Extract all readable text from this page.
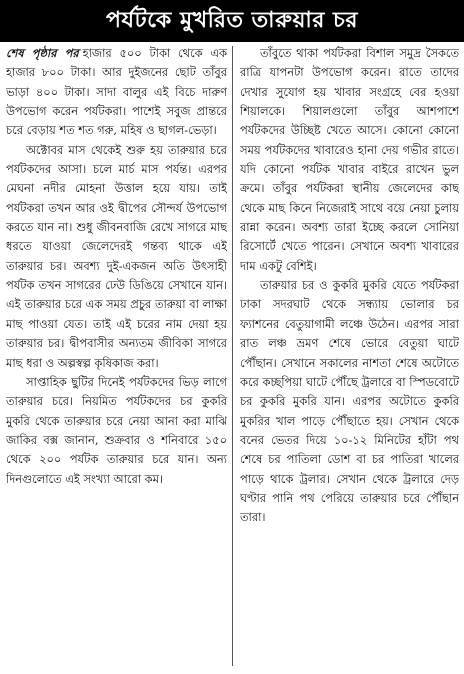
পর্যটকে মুখরিত তারুয়ার চর

শেষ পৃষ্ঠার পর হাজার ৫০০ টাকা থেকে এক হাজার ৮০০ টাকা। আর দুইজনের ছোট তাঁবুর ভাড়া ৪০০ টাকা। সাদা বালুর এই বিচে দারুণ উপভোগ করেন পর্যটকরা। পাশেই সবুজ প্রান্তরে চরে বেড়ায় শত শত গরু, মহিষ ও ছাগল-ভেড়া।

অক্টোবর মাস থেকেই শুরু হয় তারুয়ার চরে পর্যটকদের আসা। চলে মার্চ মাস পর্যন্ত। এরপর মেঘনা নদীর মোহনা উত্তাল হয়ে যায়। তাই পর্যটকরা তখন আর ওই দ্বীপের সৌন্দর্য উপভোগ করতে যান না। শুধু জীবনবাজি রেখে সাগরে মাছ ধরতে যাওয়া জেলেদেরই গন্তব্য থাকে এই তারুয়ার চর। অবশ্য দুই-একজন অতি উৎসাহী পর্যটক তখন সাগরের ঢেউ ডিঙিয়ে সেখানে যান। এই তারুয়ার চরে এক সময় প্রচুর তারুয়া বা লাক্ষা মাছ পাওয়া যেত। তাই এই চরের নাম দেয়া হয় তারুয়ার চর। দ্বীপবাসীর অন্যতম জীবিকা সাগরে মাছ ধরা ও অল্পস্বল্প কৃষিকাজ করা।

সাপ্তাহিক ছুটির দিনেই পর্যটকদের ভিড় লাগে তারুয়ার চরে। নিয়মিত পর্যটকদের চর কুকরি মুকরি থেকে তারুয়ার চরে নেয়া আনা করা মাঝি জাকির বক্স জানান, শুক্রবার ও শনিবারে ১৫০ থেকে ২০০ পর্যটক তারুয়ার চরে যান। অন্য দিনগুলোতে এই সংখ্যা আরো কম।

তাঁবুতে থাকা পর্যটকরা বিশাল সমুদ্র সৈকতে রাত্রি যাপনটা উপভোগ করেন। রাতে তাদের দেখার সুযোগ হয় খাবার সংগ্রহে বের হওয়া শিয়ালকে। শিয়ালগুলো তাঁবুর আশপাশে পর্যটকদের উচ্ছিষ্ট খেতে আসে। কোনো কোনো সময় পর্যটকদের খাবারেও হানা দেয় গভীর রাতে। যদি কোনো পর্যটক খাবার বাইরে রাখেন ভুল ক্রমে। তাঁবুর পর্যটকরা স্থানীয় জেলেদের কাছ থেকে মাছ কিনে নিজেরাই সাথে বয়ে নেয়া চুলায় রান্না করেন। অবশ্য তারা ইচ্ছে করলে সোনিয়া রিসোর্টে খেতে পারেন। সেখানে অবশ্য খাবারের দাম একটু বেশিই।

তারুয়ার চর ও কুকরি মুকরি যেতে পর্যটকরা ঢাকা সদরঘাট থেকে সন্ধ্যায় ভোলার চর ফ্যাশনের বেতুয়াগামী লঞ্চে উঠেন। এরপর সারা রাত লঞ্চ ভ্রমণ শেষে ভোরে বেতুয়া ঘাটে পৌঁছান। সেখানে সকালের নাশতা শেষে অটোতে করে কচ্ছপিয়া ঘাটে পৌঁছে ট্রলারে বা স্পিডবোটে চর কুকরি মুকরি যান। এরপর অটোতে কুকরি মুকরির খাল পাড়ে পৌঁছাতে হয়। সেখান থেকে বনের ভেতর দিয়ে ১০-১২ মিনিটের হাঁটা পথ শেষে চর পাতিলা ডোশ বা চর পাতিরা খালের পাড়ে থাকে ট্রলার। সেখান থেকে ট্রলারে দেড় ঘণ্টার পানি পথ পেরিয়ে তারুয়ার চরে পৌঁছান তারা।
